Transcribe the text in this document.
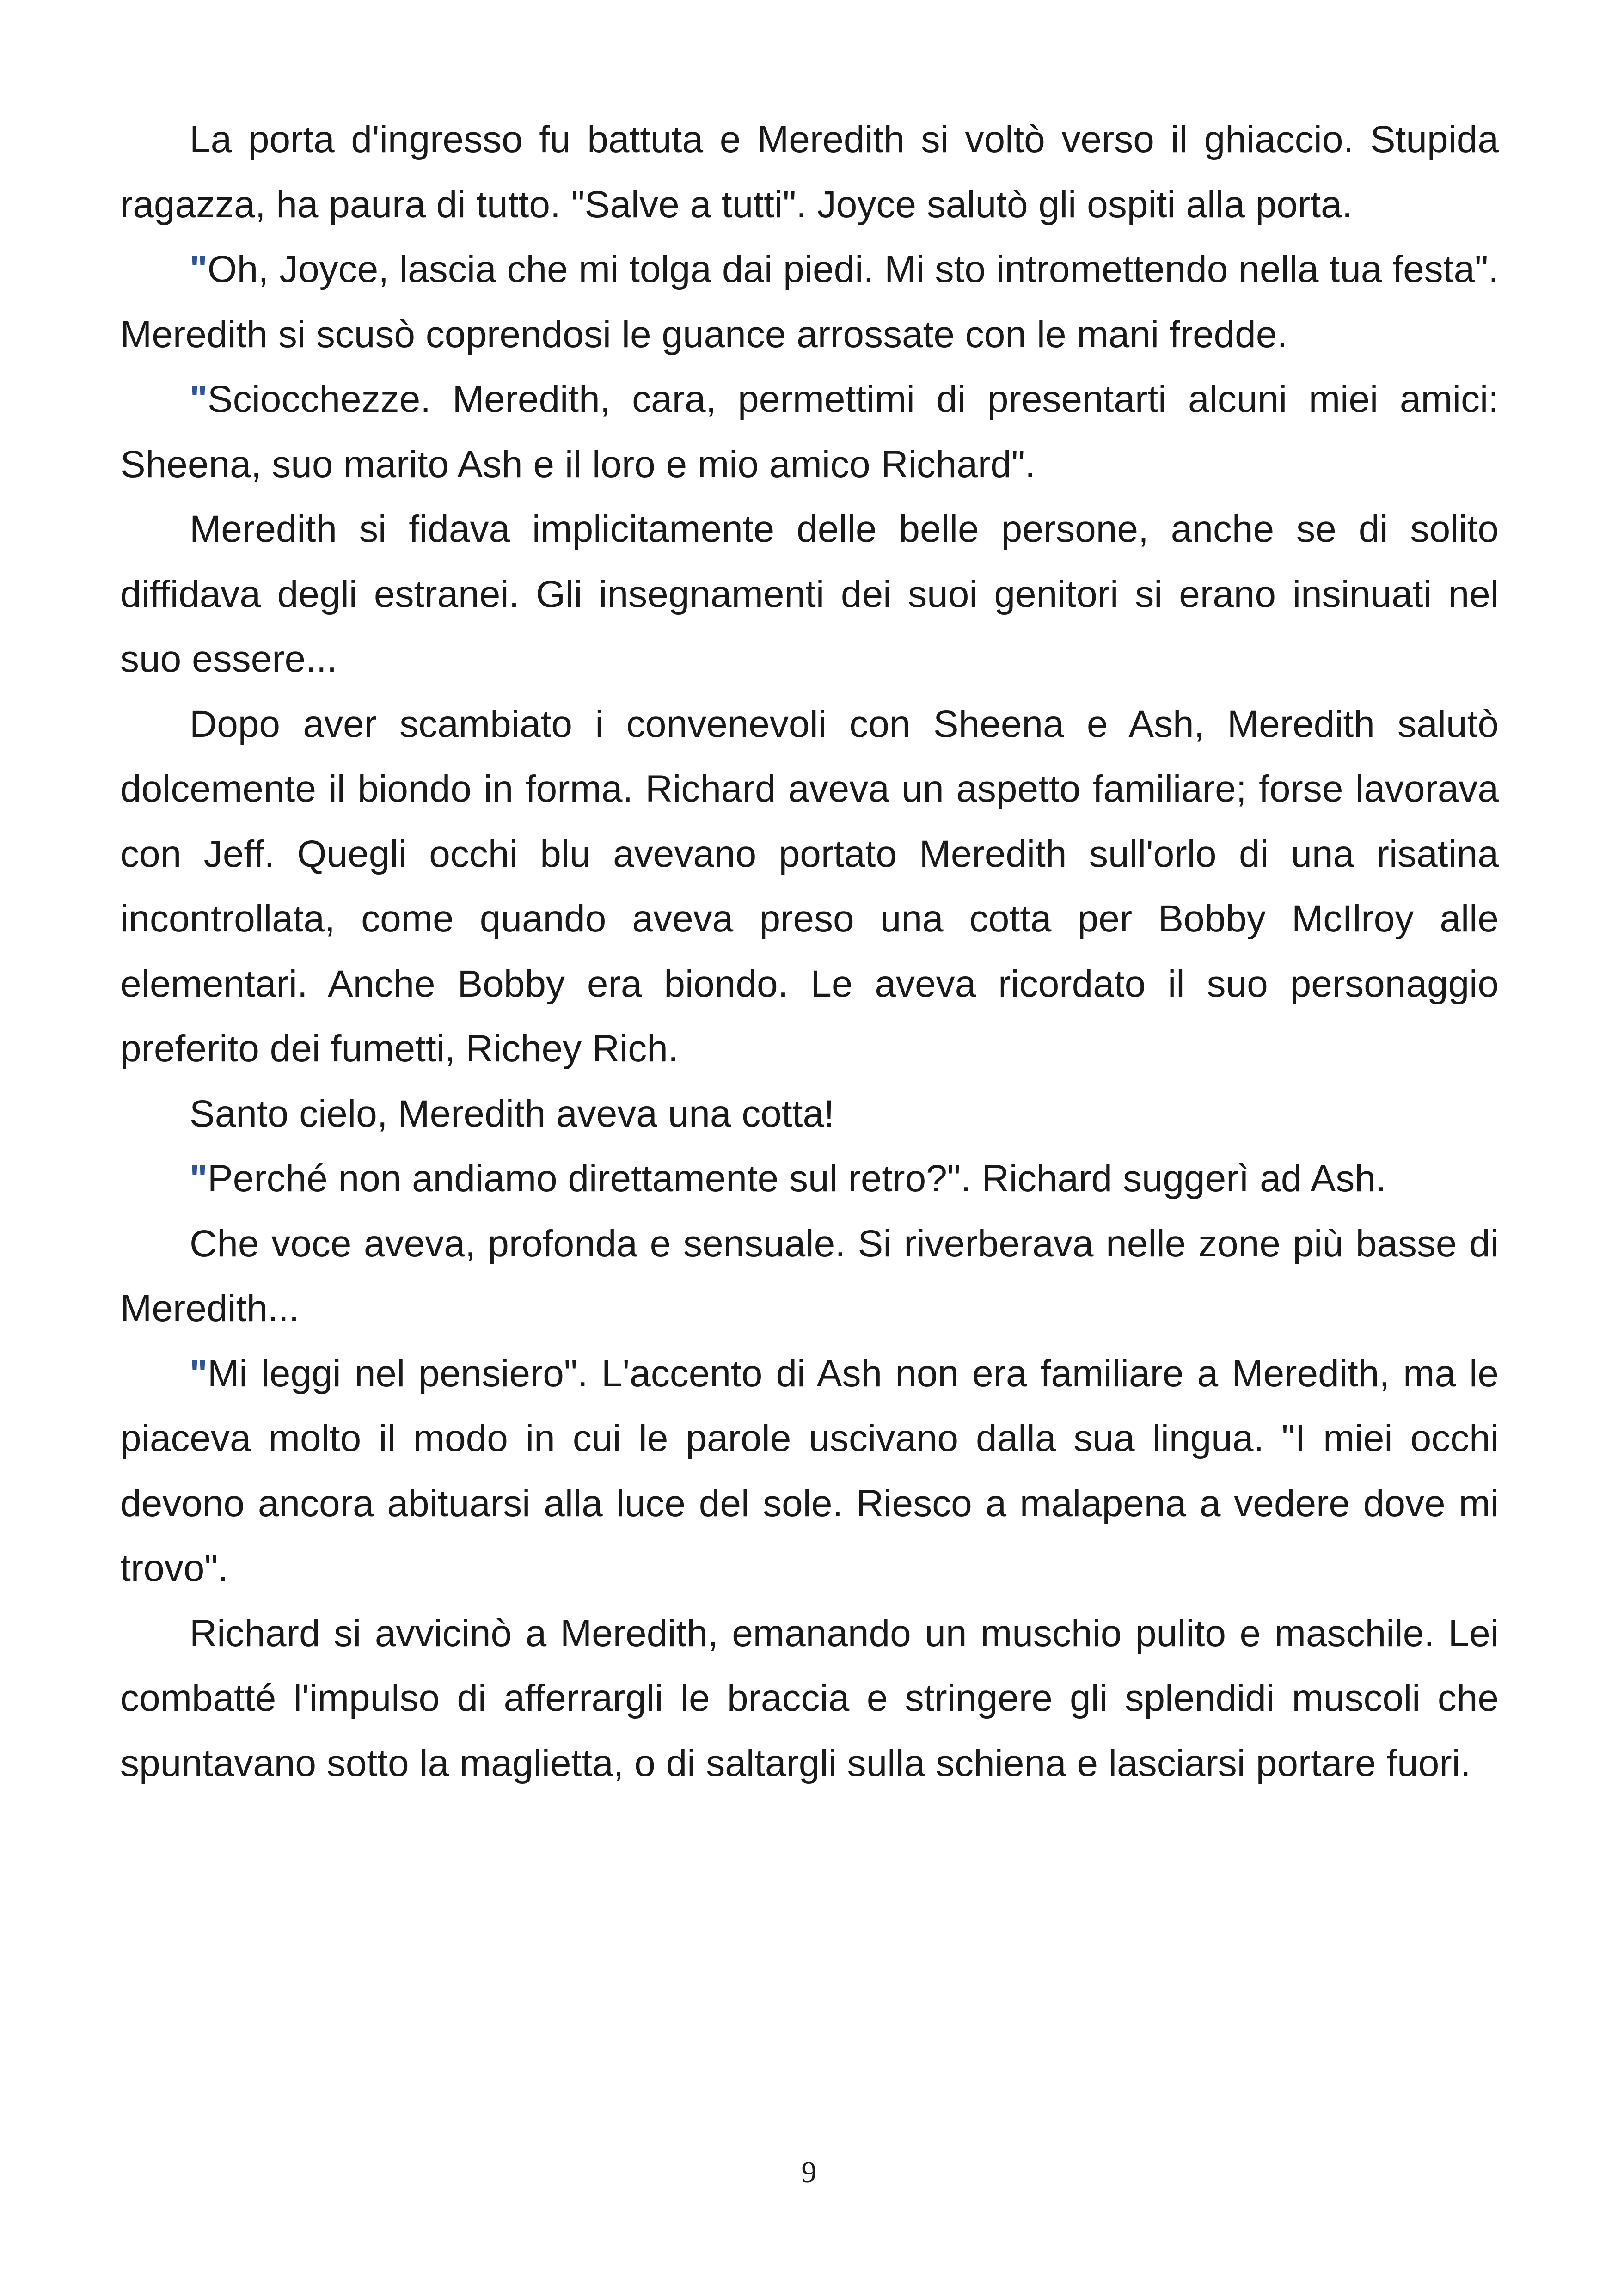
La porta d'ingresso fu battuta e Meredith si voltò verso il ghiaccio. Stupida ragazza, ha paura di tutto. "Salve a tutti". Joyce salutò gli ospiti alla porta.

"Oh, Joyce, lascia che mi tolga dai piedi. Mi sto intromettendo nella tua festa". Meredith si scusò coprendosi le guance arrossate con le mani fredde.

"Sciocchezze. Meredith, cara, permettimi di presentarti alcuni miei amici: Sheena, suo marito Ash e il loro e mio amico Richard".

Meredith si fidava implicitamente delle belle persone, anche se di solito diffidava degli estranei. Gli insegnamenti dei suoi genitori si erano insinuati nel suo essere...

Dopo aver scambiato i convenevoli con Sheena e Ash, Meredith salutò dolcemente il biondo in forma. Richard aveva un aspetto familiare; forse lavorava con Jeff. Quegli occhi blu avevano portato Meredith sull'orlo di una risatina incontrollata, come quando aveva preso una cotta per Bobby McIlroy alle elementari. Anche Bobby era biondo. Le aveva ricordato il suo personaggio preferito dei fumetti, Richey Rich.

Santo cielo, Meredith aveva una cotta!

"Perché non andiamo direttamente sul retro?". Richard suggerì ad Ash.

Che voce aveva, profonda e sensuale. Si riverberava nelle zone più basse di Meredith...

"Mi leggi nel pensiero". L'accento di Ash non era familiare a Meredith, ma le piaceva molto il modo in cui le parole uscivano dalla sua lingua. "I miei occhi devono ancora abituarsi alla luce del sole. Riesco a malapena a vedere dove mi trovo".

Richard si avvicinò a Meredith, emanando un muschio pulito e maschile. Lei combatté l'impulso di afferrargli le braccia e stringere gli splendidi muscoli che spuntavano sotto la maglietta, o di saltargli sulla schiena e lasciarsi portare fuori.

9
